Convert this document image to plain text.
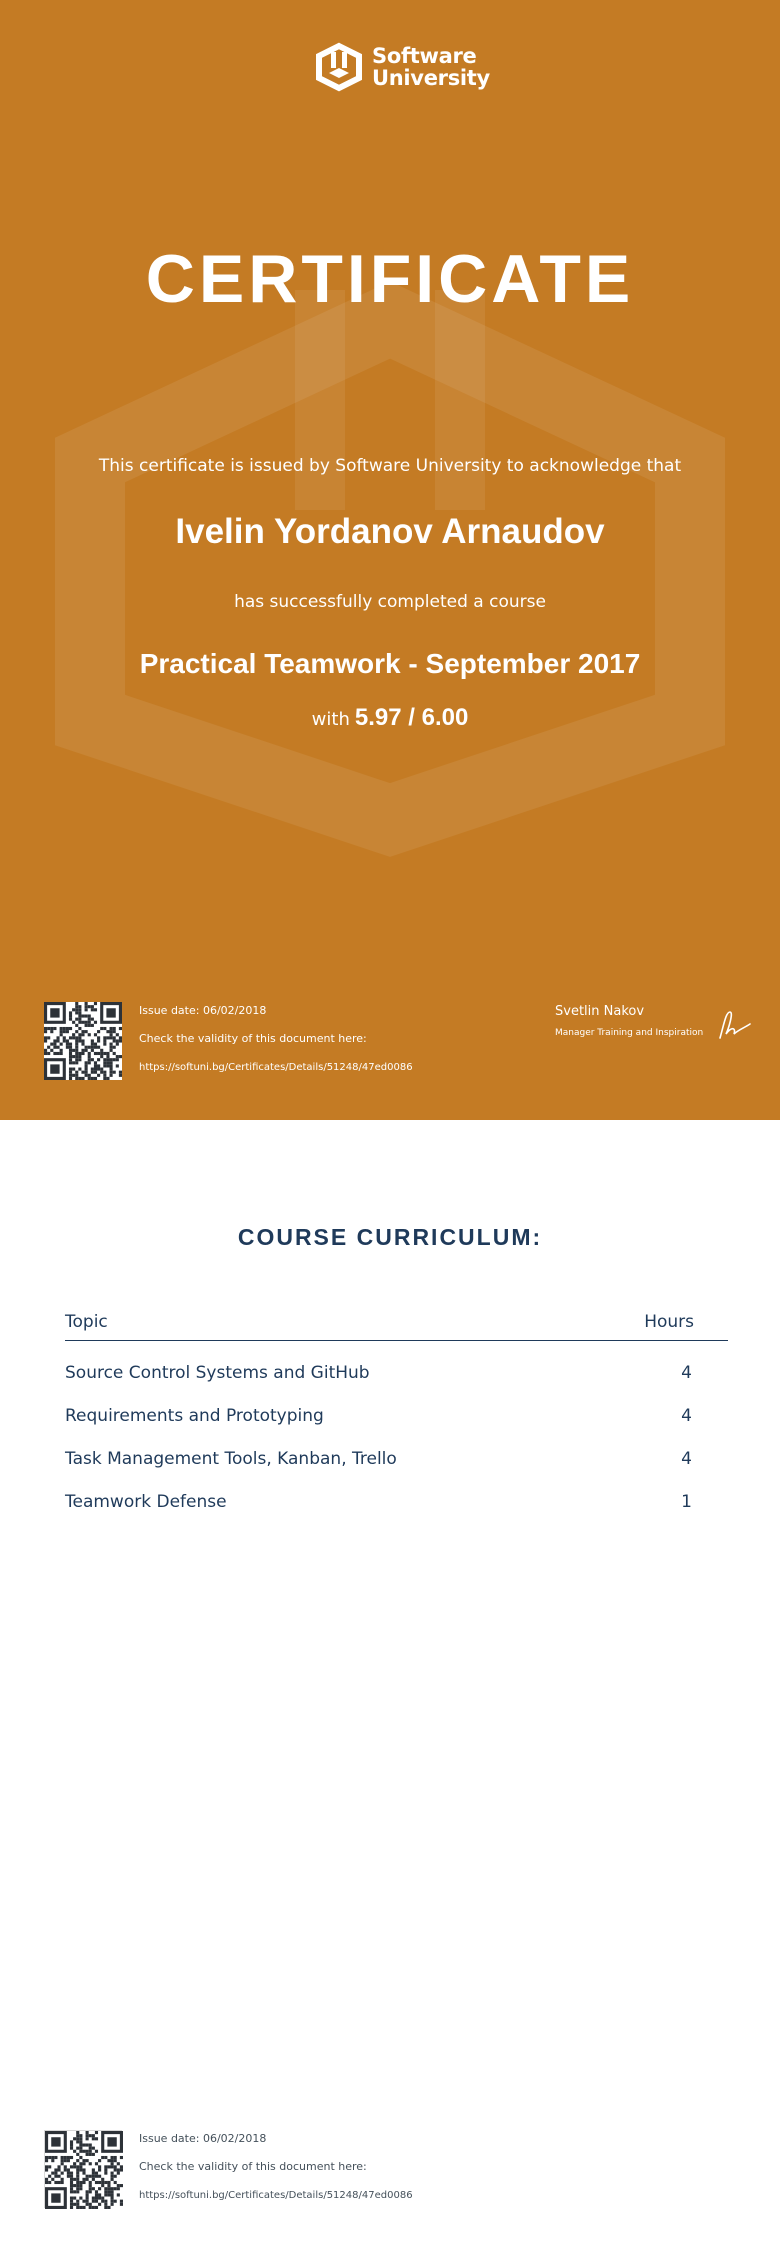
Software
University
CERTIFICATE
This certificate is issued by Software University to acknowledge that
Ivelin Yordanov Arnaudov
has successfully completed a course
Practical Teamwork - September 2017
with 5.97 / 6.00
Issue date: 06/02/2018
Check the validity of this document here:
https://softuni.bg/Certificates/Details/51248/47ed0086
Svetlin Nakov
Manager Training and Inspiration
COURSE CURRICULUM:
Topic	Hours
Source Control Systems and GitHub	4
Requirements and Prototyping	4
Task Management Tools, Kanban, Trello	4
Teamwork Defense	1
Issue date: 06/02/2018
Check the validity of this document here:
https://softuni.bg/Certificates/Details/51248/47ed0086
